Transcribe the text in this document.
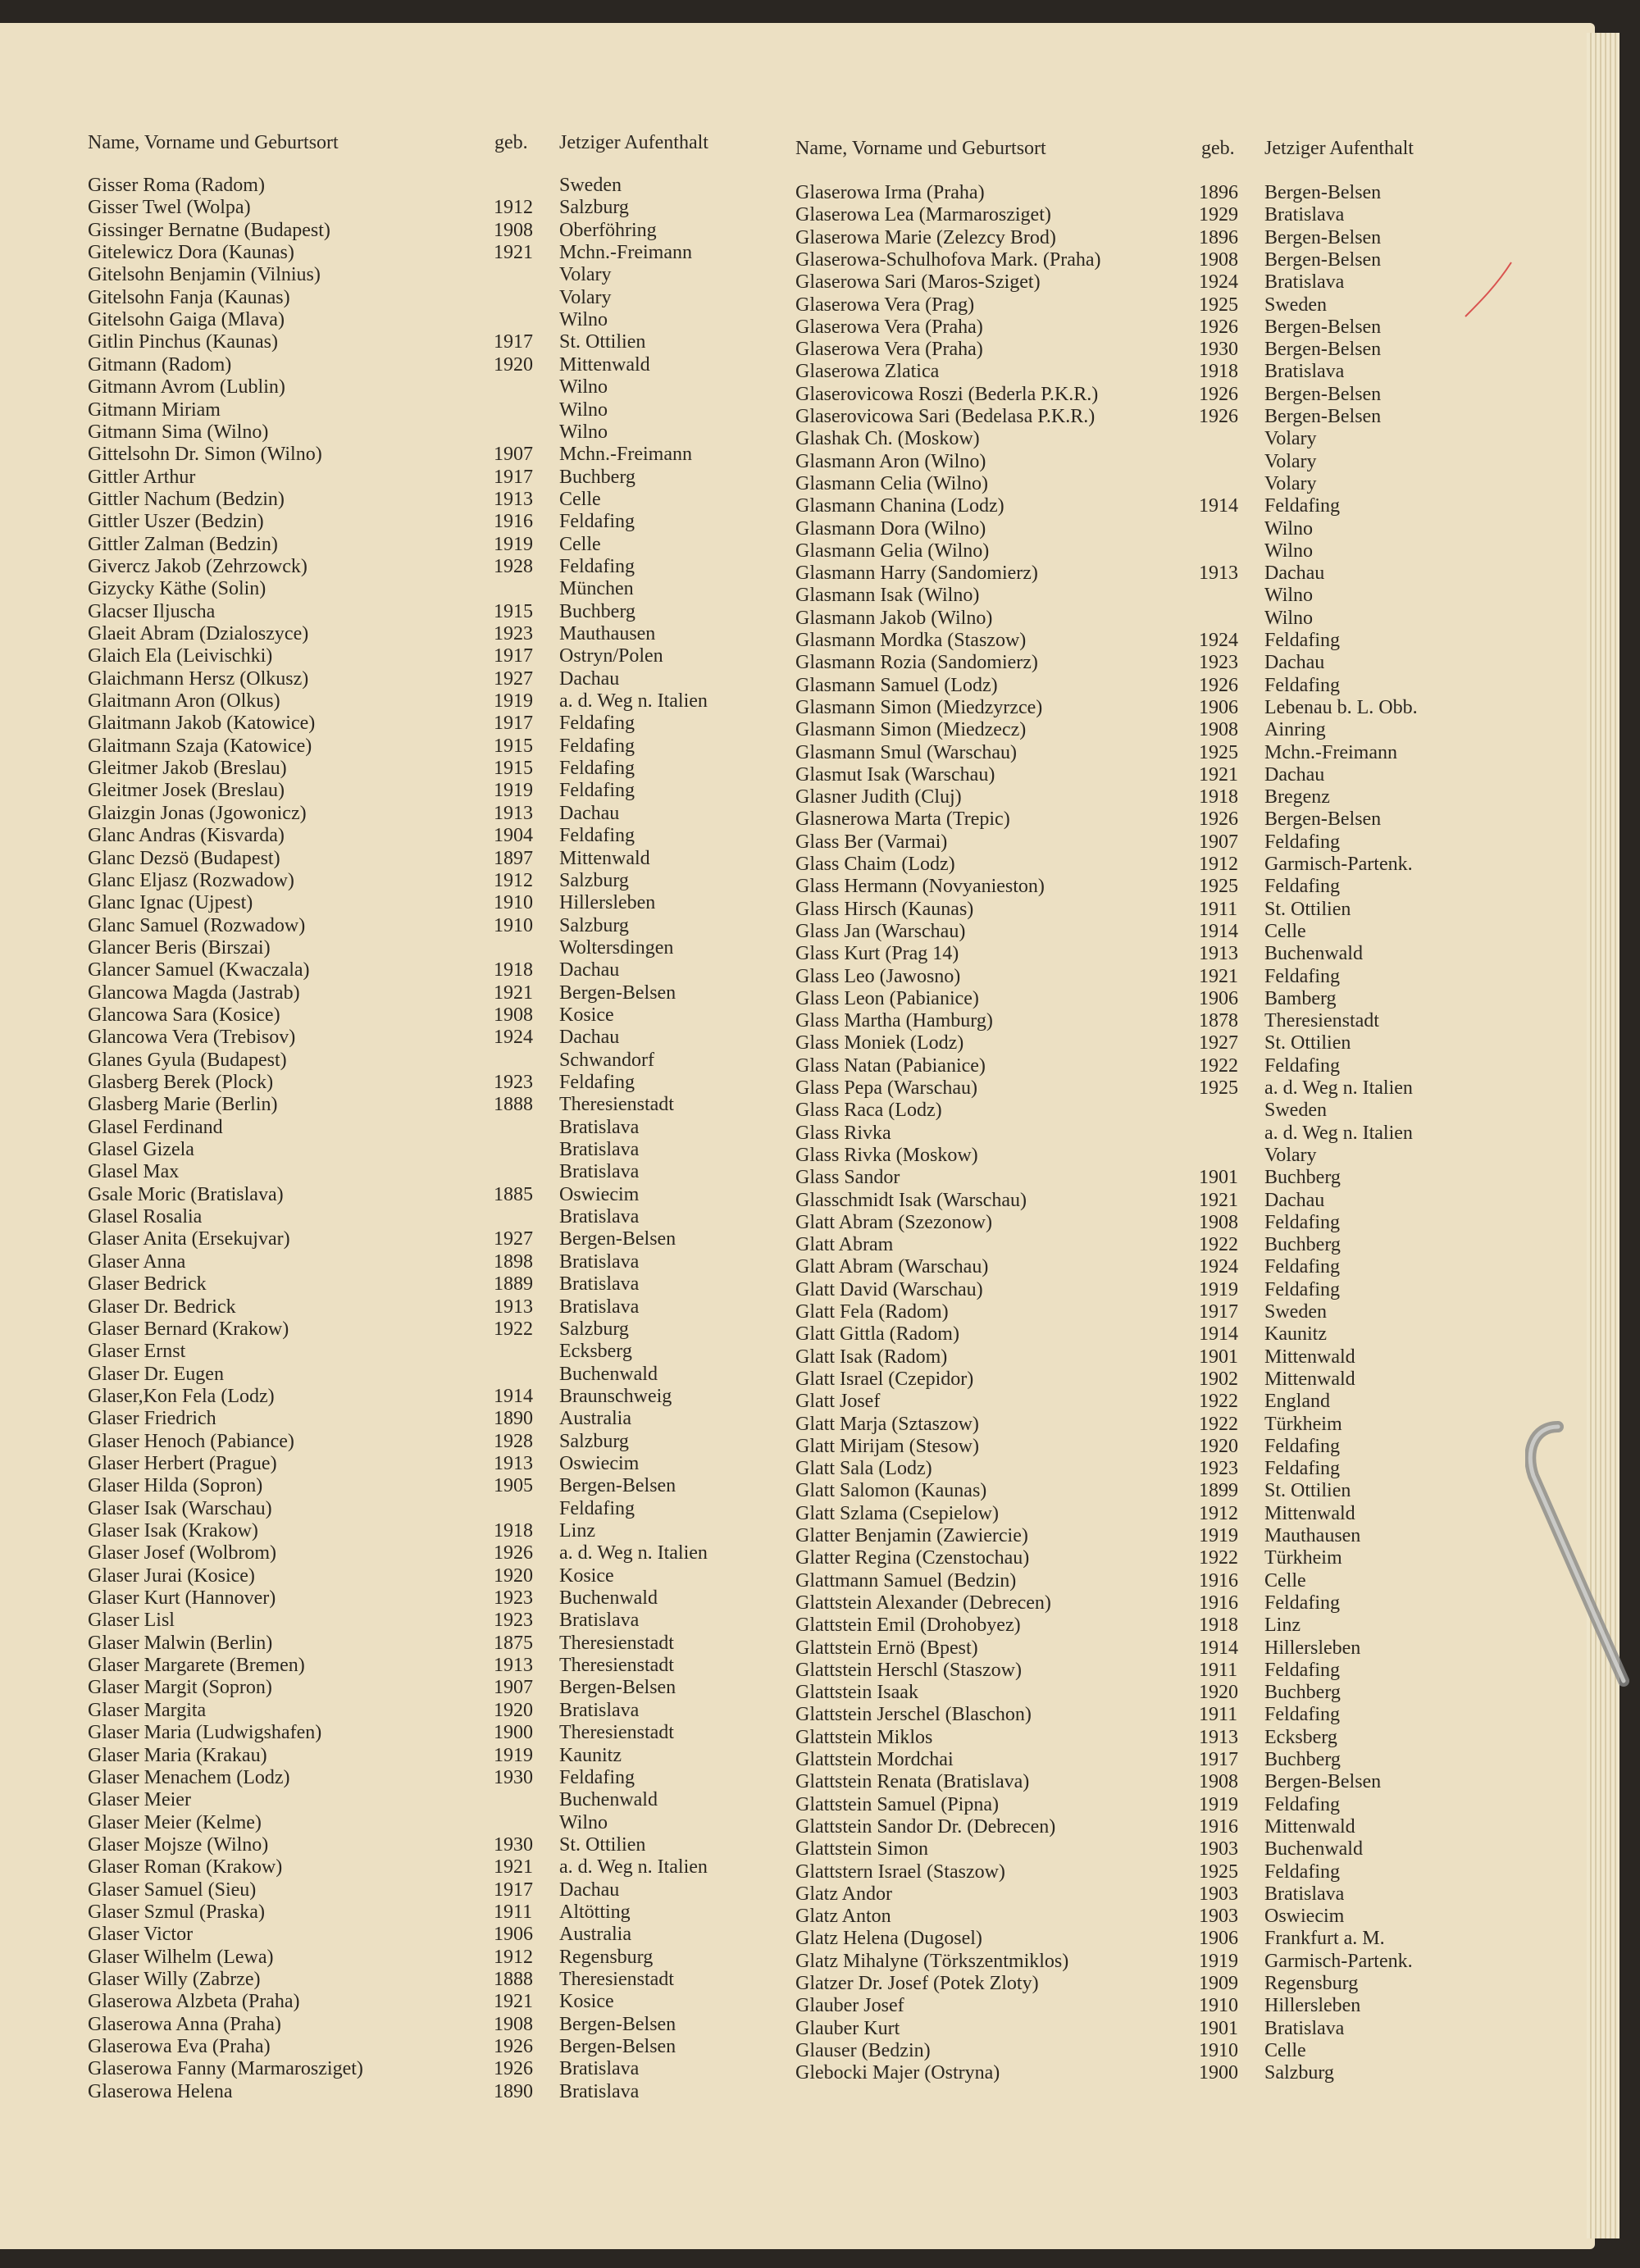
Name, Vorname und Geburtsort	geb. Jetziger Aufenthalt	Name, Vorname und Geburtsort	geb. Jetziger Aufenthalt
Gisser Roma (Radom)	Sweden
Gisser Twel (Wolpa)	1912 Salzburg
Gissinger Bernatne (Budapest)	1908 Oberföhring
Gitelewicz Dora (Kaunas)	1921 Mchn.-Freimann
Gitelsohn Benjamin (Vilnius)	Volary
Gitelsohn Fanja (Kaunas)	Volary
Gitelsohn Gaiga (Mlava)	Wilno
Gitlin Pinchus (Kaunas)	1917 St. Ottilien
Gitmann (Radom)	1920 Mittenwald
Gitmann Avrom (Lublin)	Wilno
Gitmann Miriam	Wilno
Gitmann Sima (Wilno)	Wilno
Gittelsohn Dr. Simon (Wilno)	1907 Mchn.-Freimann
Gittler Arthur	1917 Buchberg
Gittler Nachum (Bedzin)	1913 Celle
Gittler Uszer (Bedzin)	1916 Feldafing
Gittler Zalman (Bedzin)	1919 Celle
Givercz Jakob (Zehrzowck)	1928 Feldafing
Gizycky Käthe (Solin)	München
Glacser Iljuscha	1915 Buchberg
Glaeit Abram (Dzialoszyce)	1923 Mauthausen
Glaich Ela (Leivischki)	1917 Ostryn/Polen
Glaichmann Hersz (Olkusz)	1927 Dachau
Glaitmann Aron (Olkus)	1919 a. d. Weg n. Italien
Glaitmann Jakob (Katowice)	1917 Feldafing
Glaitmann Szaja (Katowice)	1915 Feldafing
Gleitmer Jakob (Breslau)	1915 Feldafing
Gleitmer Josek (Breslau)	1919 Feldafing
Glaizgin Jonas (Jgowonicz)	1913 Dachau
Glanc Andras (Kisvarda)	1904 Feldafing
Glanc Dezsö (Budapest)	1897 Mittenwald
Glanc Eljasz (Rozwadow)	1912 Salzburg
Glanc Ignac (Ujpest)	1910 Hillersleben
Glanc Samuel (Rozwadow)	1910 Salzburg
Glancer Beris (Birszai)	Woltersdingen
Glancer Samuel (Kwaczala)	1918 Dachau
Glancowa Magda (Jastrab)	1921 Bergen-Belsen
Glancowa Sara (Kosice)	1908 Kosice
Glancowa Vera (Trebisov)	1924 Dachau
Glanes Gyula (Budapest)	Schwandorf
Glasberg Berek (Plock)	1923 Feldafing
Glasberg Marie (Berlin)	1888 Theresienstadt
Glasel Ferdinand	Bratislava
Glasel Gizela	Bratislava
Glasel Max	Bratislava
Gsale Moric (Bratislava)	1885 Oswiecim
Glasel Rosalia	Bratislava
Glaser Anita (Ersekujvar)	1927 Bergen-Belsen
Glaser Anna	1898 Bratislava
Glaser Bedrick	1889 Bratislava
Glaser Dr. Bedrick	1913 Bratislava
Glaser Bernard (Krakow)	1922 Salzburg
Glaser Ernst	Ecksberg
Glaser Dr. Eugen	Buchenwald
Glaser,Kon Fela (Lodz)	1914 Braunschweig
Glaser Friedrich	1890 Australia
Glaser Henoch (Pabiance)	1928 Salzburg
Glaser Herbert (Prague)	1913 Oswiecim
Glaser Hilda (Sopron)	1905 Bergen-Belsen
Glaser Isak (Warschau)	Feldafing
Glaser Isak (Krakow)	1918 Linz
Glaser Josef (Wolbrom)	1926 a. d. Weg n. Italien
Glaser Jurai (Kosice)	1920 Kosice
Glaser Kurt (Hannover)	1923 Buchenwald
Glaser Lisl	1923 Bratislava
Glaser Malwin (Berlin)	1875 Theresienstadt
Glaser Margarete (Bremen)	1913 Theresienstadt
Glaser Margit (Sopron)	1907 Bergen-Belsen
Glaser Margita	1920 Bratislava
Glaser Maria (Ludwigshafen)	1900 Theresienstadt
Glaser Maria (Krakau)	1919 Kaunitz
Glaser Menachem (Lodz)	1930 Feldafing
Glaser Meier	Buchenwald
Glaser Meier (Kelme)	Wilno
Glaser Mojsze (Wilno)	1930 St. Ottilien
Glaser Roman (Krakow)	1921 a. d. Weg n. Italien
Glaser Samuel (Sieu)	1917 Dachau
Glaser Szmul (Praska)	1911 Altötting
Glaser Victor	1906 Australia
Glaser Wilhelm (Lewa)	1912 Regensburg
Glaser Willy (Zabrze)	1888 Theresienstadt
Glaserowa Alzbeta (Praha)	1921 Kosice
Glaserowa Anna (Praha)	1908 Bergen-Belsen
Glaserowa Eva (Praha)	1926 Bergen-Belsen
Glaserowa Fanny (Marmarosziget)	1926 Bratislava
Glaserowa Helena	1890 Bratislava
Glaserowa Irma (Praha)	1896 Bergen-Belsen
Glaserowa Lea (Marmarosziget)	1929 Bratislava
Glaserowa Marie (Zelezcy Brod)	1896 Bergen-Belsen
Glaserowa-Schulhofova Mark. (Praha)	1908 Bergen-Belsen
Glaserowa Sari (Maros-Sziget)	1924 Bratislava
Glaserowa Vera (Prag)	1925 Sweden
Glaserowa Vera (Praha)	1926 Bergen-Belsen
Glaserowa Vera (Praha)	1930 Bergen-Belsen
Glaserowa Zlatica	1918 Bratislava
Glaserovicowa Roszi (Bederla P.K.R.)	1926 Bergen-Belsen
Glaserovicowa Sari (Bedelasa P.K.R.)	1926 Bergen-Belsen
Glashak Ch. (Moskow)	Volary
Glasmann Aron (Wilno)	Volary
Glasmann Celia (Wilno)	Volary
Glasmann Chanina (Lodz)	1914 Feldafing
Glasmann Dora (Wilno)	Wilno
Glasmann Gelia (Wilno)	Wilno
Glasmann Harry (Sandomierz)	1913 Dachau
Glasmann Isak (Wilno)	Wilno
Glasmann Jakob (Wilno)	Wilno
Glasmann Mordka (Staszow)	1924 Feldafing
Glasmann Rozia (Sandomierz)	1923 Dachau
Glasmann Samuel (Lodz)	1926 Feldafing
Glasmann Simon (Miedzyrzce)	1906 Lebenau b. L. Obb.
Glasmann Simon (Miedzecz)	1908 Ainring
Glasmann Smul (Warschau)	1925 Mchn.-Freimann
Glasmut Isak (Warschau)	1921 Dachau
Glasner Judith (Cluj)	1918 Bregenz
Glasnerowa Marta (Trepic)	1926 Bergen-Belsen
Glass Ber (Varmai)	1907 Feldafing
Glass Chaim (Lodz)	1912 Garmisch-Partenk.
Glass Hermann (Novyanieston)	1925 Feldafing
Glass Hirsch (Kaunas)	1911 St. Ottilien
Glass Jan (Warschau)	1914 Celle
Glass Kurt (Prag 14)	1913 Buchenwald
Glass Leo (Jawosno)	1921 Feldafing
Glass Leon (Pabianice)	1906 Bamberg
Glass Martha (Hamburg)	1878 Theresienstadt
Glass Moniek (Lodz)	1927 St. Ottilien
Glass Natan (Pabianice)	1922 Feldafing
Glass Pepa (Warschau)	1925 a. d. Weg n. Italien
Glass Raca (Lodz)	Sweden
Glass Rivka	a. d. Weg n. Italien
Glass Rivka (Moskow)	Volary
Glass Sandor	1901 Buchberg
Glasschmidt Isak (Warschau)	1921 Dachau
Glatt Abram (Szezonow)	1908 Feldafing
Glatt Abram	1922 Buchberg
Glatt Abram (Warschau)	1924 Feldafing
Glatt David (Warschau)	1919 Feldafing
Glatt Fela (Radom)	1917 Sweden
Glatt Gittla (Radom)	1914 Kaunitz
Glatt Isak (Radom)	1901 Mittenwald
Glatt Israel (Czepidor)	1902 Mittenwald
Glatt Josef	1922 England
Glatt Marja (Sztaszow)	1922 Türkheim
Glatt Mirijam (Stesow)	1920 Feldafing
Glatt Sala (Lodz)	1923 Feldafing
Glatt Salomon (Kaunas)	1899 St. Ottilien
Glatt Szlama (Csepielow)	1912 Mittenwald
Glatter Benjamin (Zawiercie)	1919 Mauthausen
Glatter Regina (Czenstochau)	1922 Türkheim
Glattmann Samuel (Bedzin)	1916 Celle
Glattstein Alexander (Debrecen)	1916 Feldafing
Glattstein Emil (Drohobyez)	1918 Linz
Glattstein Ernö (Bpest)	1914 Hillersleben
Glattstein Herschl (Staszow)	1911 Feldafing
Glattstein Isaak	1920 Buchberg
Glattstein Jerschel (Blaschon)	1911 Feldafing
Glattstein Miklos	1913 Ecksberg
Glattstein Mordchai	1917 Buchberg
Glattstein Renata (Bratislava)	1908 Bergen-Belsen
Glattstein Samuel (Pipna)	1919 Feldafing
Glattstein Sandor Dr. (Debrecen)	1916 Mittenwald
Glattstein Simon	1903 Buchenwald
Glattstern Israel (Staszow)	1925 Feldafing
Glatz Andor	1903 Bratislava
Glatz Anton	1903 Oswiecim
Glatz Helena (Dugosel)	1906 Frankfurt a. M.
Glatz Mihalyne (Törkszentmiklos)	1919 Garmisch-Partenk.
Glatzer Dr. Josef (Potek Zloty)	1909 Regensburg
Glauber Josef	1910 Hillersleben
Glauber Kurt	1901 Bratislava
Glauser (Bedzin)	1910 Celle
Glebocki Majer (Ostryna)	1900 Salzburg
